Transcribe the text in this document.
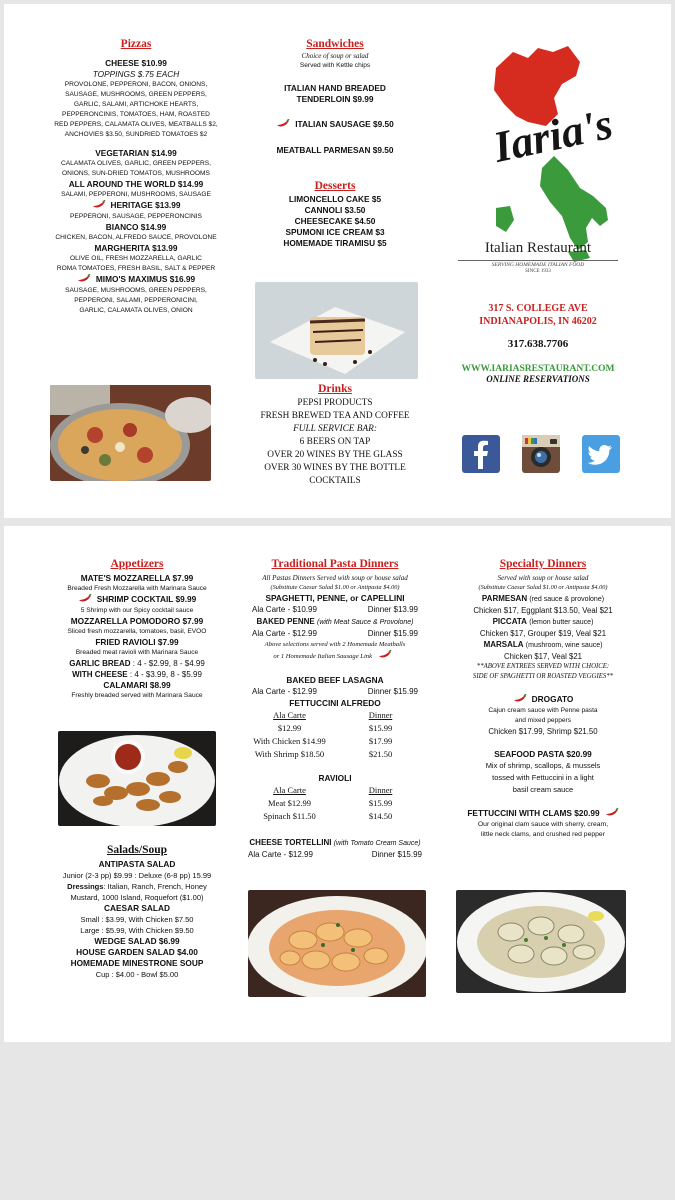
Pizzas
CHEESE $10.99
TOPPINGS $.75 EACH
PROVOLONE, PEPPERONI, BACON, ONIONS,
SAUSAGE, MUSHROOMS, GREEN PEPPERS,
GARLIC, SALAMI, ARTICHOKE HEARTS,
PEPPERONCINIS, TOMATOES, HAM, ROASTED
RED PEPPERS, CALAMATA OLIVES, MEATBALLS $2,
ANCHOVIES $3.50, SUNDRIED TOMATOES $2
VEGETARIAN $14.99
CALAMATA OLIVES, GARLIC, GREEN PEPPERS,
ONIONS, SUN-DRIED TOMATOS, MUSHROOMS
ALL AROUND THE WORLD $14.99
SALAMI, PEPPERONI, MUSHROOMS, SAUSAGE
HERITAGE $13.99
PEPPERONI, SAUSAGE, PEPPERONCINIS
BIANCO $14.99
CHICKEN, BACON, ALFREDO SAUCE, PROVOLONE
MARGHERITA $13.99
OLIVE OIL, FRESH MOZZARELLA, GARLIC
ROMA TOMATOES, FRESH BASIL, SALT & PEPPER
MIMO'S MAXIMUS $16.99
SAUSAGE, MUSHROOMS, GREEN PEPPERS,
PEPPERONI, SALAMI, PEPPERONICINI,
GARLIC, CALAMATA OLIVES, ONION
Sandwiches
Choice of soup or salad
Served with Kettle chips
ITALIAN HAND BREADED
TENDERLOIN $9.99
ITALIAN SAUSAGE $9.50
MEATBALL PARMESAN $9.50
Desserts
LIMONCELLO CAKE $5
CANNOLI $3.50
CHEESECAKE $4.50
SPUMONI ICE CREAM $3
HOMEMADE TIRAMISU $5
Drinks
PEPSI PRODUCTS
FRESH BREWED TEA AND COFFEE
FULL SERVICE BAR:
6 BEERS ON TAP
OVER 20 WINES BY THE GLASS
OVER 30 WINES BY THE BOTTLE
COCKTAILS
Iaria's
Italian Restaurant
SERVING HOMEMADE ITALIAN FOOD
SINCE 1933
317 S. COLLEGE AVE
INDIANAPOLIS, IN 46202
317.638.7706
WWW.IARIASRESTAURANT.COM
ONLINE RESERVATIONS
Appetizers
MATE'S MOZZARELLA $7.99
Breaded Fresh Mozzarella with Marinara Sauce
SHRIMP COCKTAIL $9.99
5 Shrimp with our Spicy cocktail sauce
MOZZARELLA POMODORO $7.99
Sliced fresh mozzarella, tomatoes, basil, EVOO
FRIED RAVIOLI $7.99
Breaded meat ravioli with Marinara Sauce
GARLIC BREAD : 4 - $2.99, 8 - $4.99
WITH CHEESE : 4 - $3.99, 8 - $5.99
CALAMARI $8.99
Freshly breaded served with Marinara Sauce
Salads/Soup
ANTIPASTA SALAD
Junior (2-3 pp) $9.99 : Deluxe (6-8 pp) 15.99
Dressings: Italian, Ranch, French, Honey
Mustard, 1000 Island, Roquefort ($1.00)
CAESAR SALAD
Small : $3.99, With Chicken $7.50
Large : $5.99, With Chicken $9.50
WEDGE SALAD $6.99
HOUSE GARDEN SALAD $4.00
HOMEMADE MINESTRONE SOUP
Cup : $4.00 - Bowl $5.00
Traditional Pasta Dinners
All Pastas Dinners Served with soup or house salad
(Substitute Caesar Salad $1.00 or Antipasta $4.00)
SPAGHETTI, PENNE, or CAPELLINI
Ala Carte - $10.99	Dinner $13.99
BAKED PENNE (with Meat Sauce & Provolone)
Ala Carte - $12.99	Dinner $15.99
Above selections served with 2 Homemade Meatballs
or 1 Homemade Italian Sausage Link
BAKED BEEF LASAGNA
Ala Carte - $12.99	Dinner $15.99
FETTUCCINI ALFREDO
Ala Carte	Dinner
$12.99	$15.99
With Chicken $14.99	$17.99
With Shrimp $18.50	$21.50
RAVIOLI
Ala Carte	Dinner
Meat $12.99	$15.99
Spinach $11.50	$14.50
CHEESE TORTELLINI (with Tomato Cream Sauce)
Ala Carte - $12.99	Dinner $15.99
Specialty Dinners
Served with soup or house salad
(Substitute Caesar Salad $1.00 or Antipasta $4.00)
PARMESAN (red sauce & provolone)
Chicken $17, Eggplant $13.50, Veal $21
PICCATA (lemon butter sauce)
Chicken $17, Grouper $19, Veal $21
MARSALA (mushroom, wine sauce)
Chicken $17, Veal $21
**ABOVE ENTREES SERVED WITH CHOICE:
SIDE OF SPAGHETTI OR ROASTED VEGGIES**
DROGATO
Cajun cream sauce with Penne pasta
and mixed peppers
Chicken $17.99, Shrimp $21.50
SEAFOOD PASTA $20.99
Mix of shrimp, scallops, & mussels
tossed with Fettuccini in a light
basil cream sauce
FETTUCCINI WITH CLAMS $20.99
Our original clam sauce with sherry, cream,
little neck clams, and crushed red pepper
